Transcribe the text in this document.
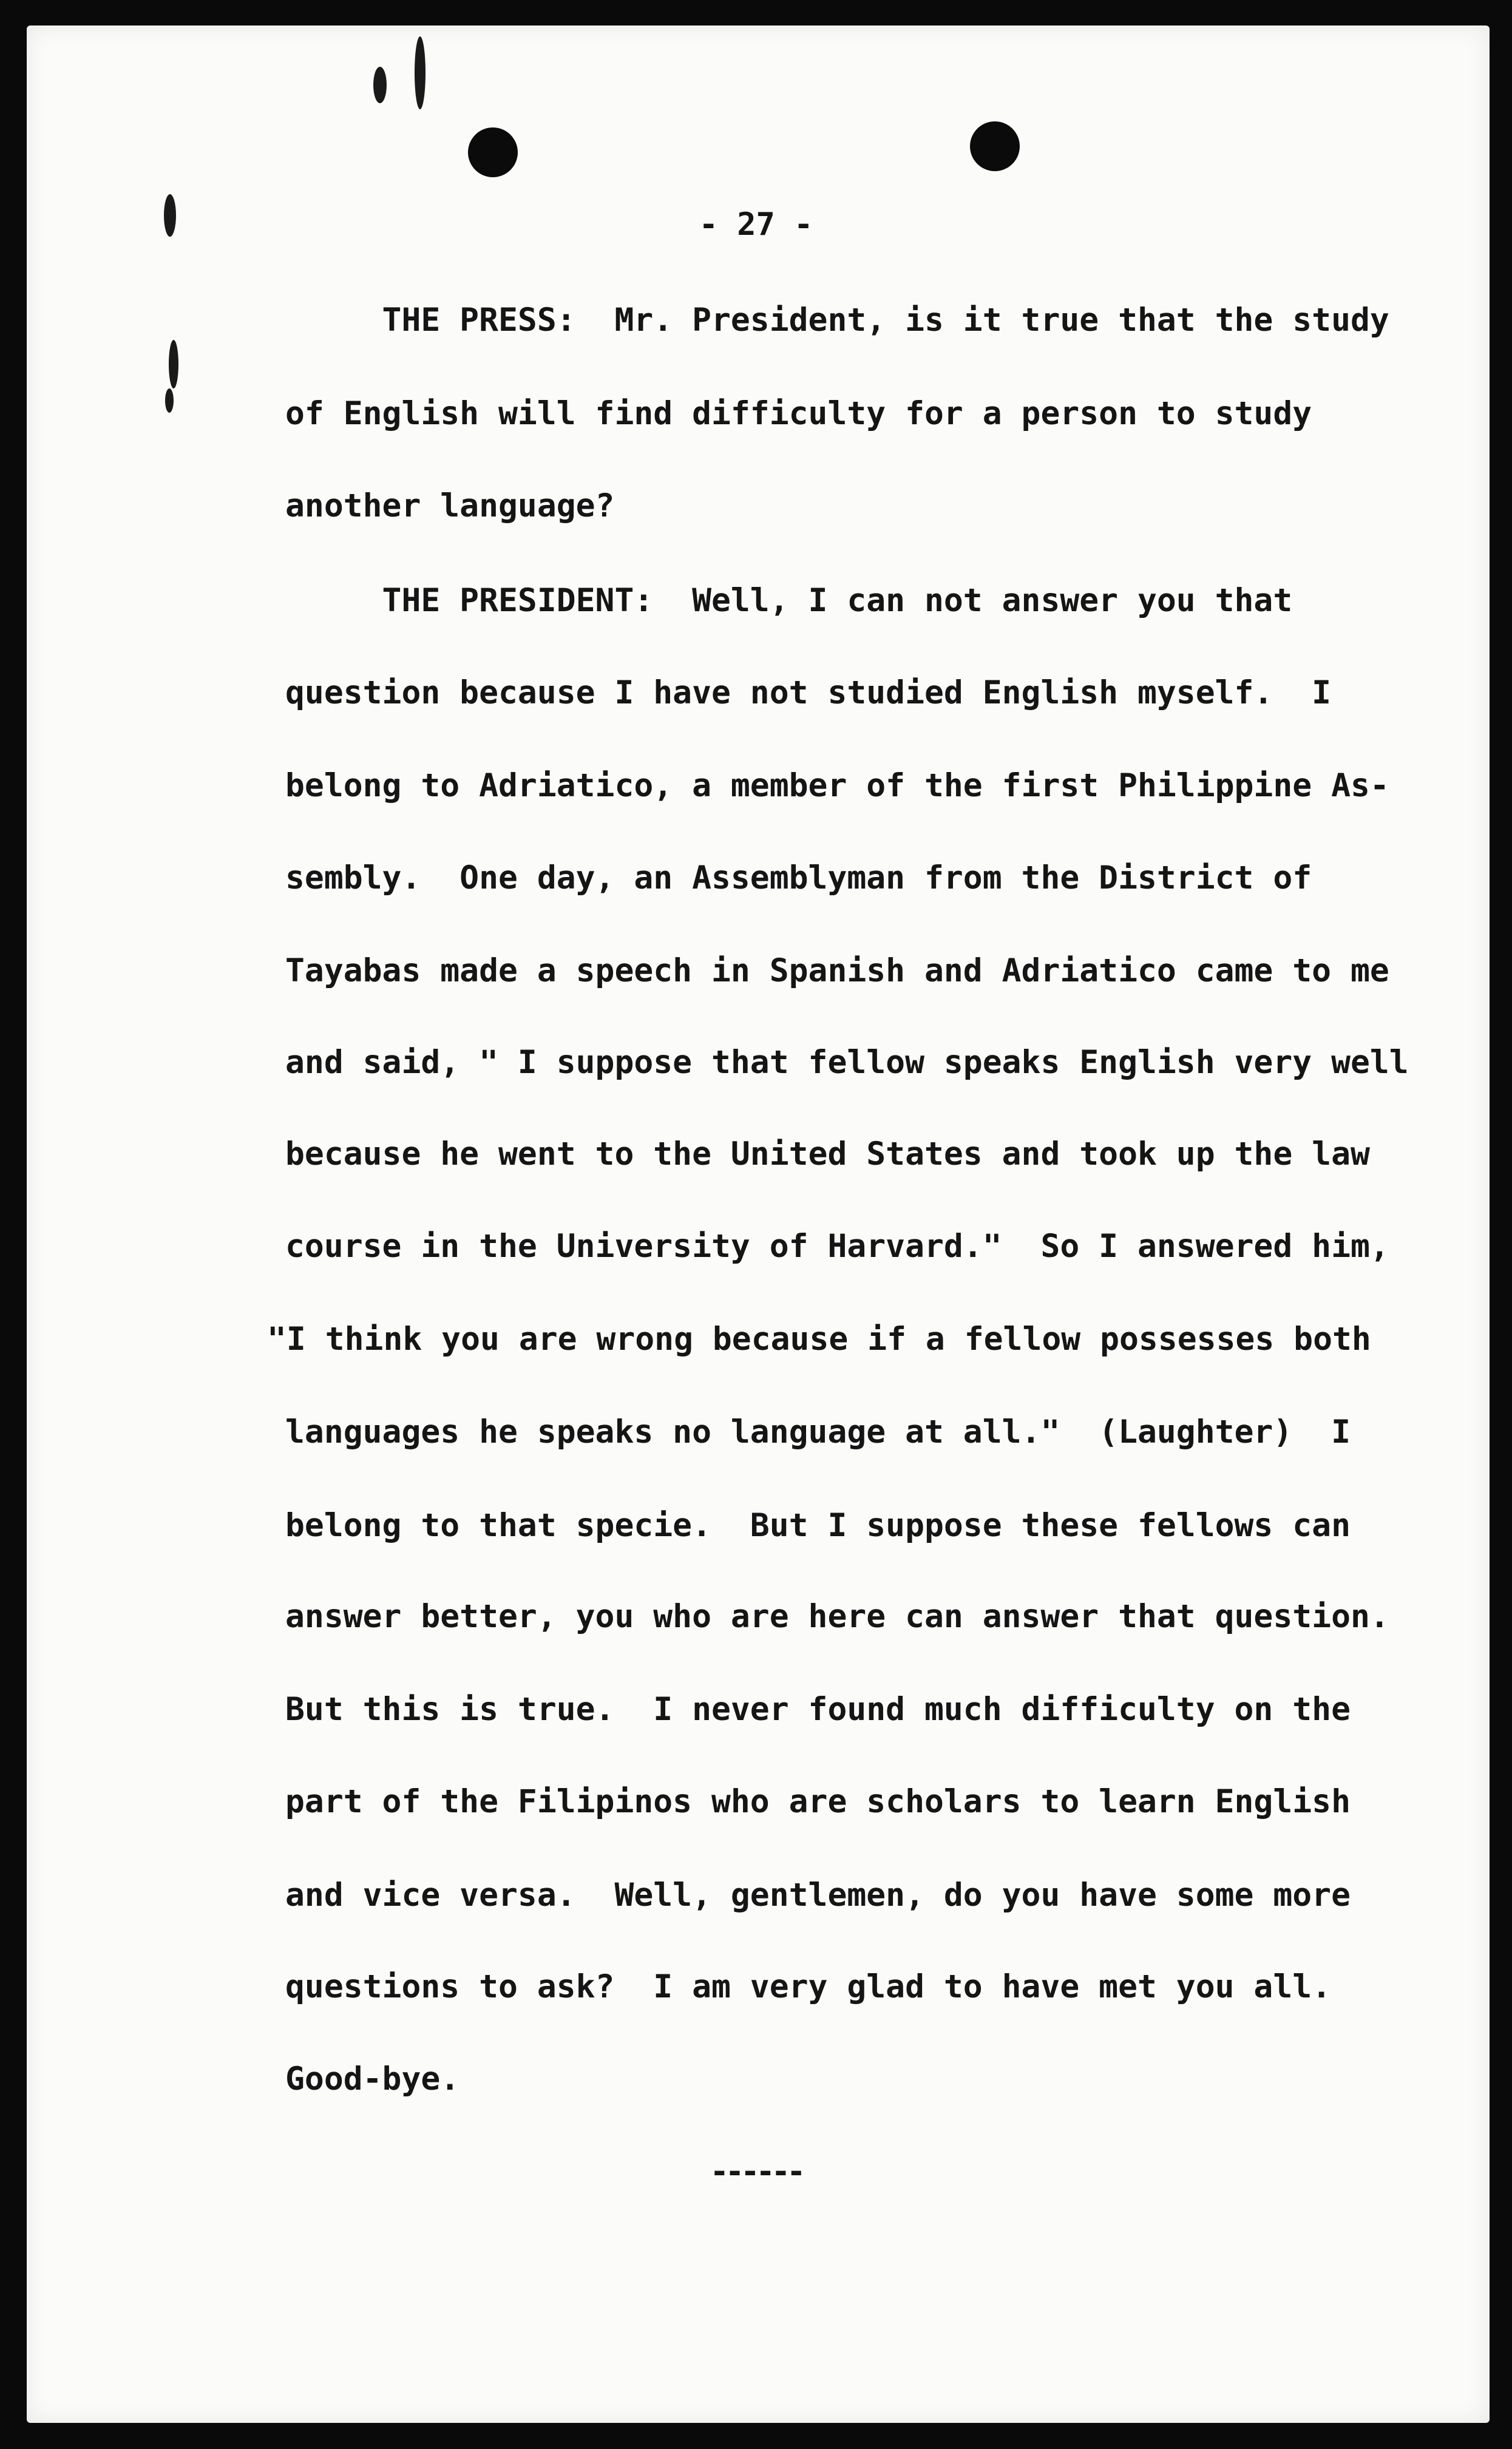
- 27 -
THE PRESS:  Mr. President, is it true that the study
of English will find difficulty for a person to study
another language?
THE PRESIDENT:  Well, I can not answer you that
question because I have not studied English myself.  I
belong to Adriatico, a member of the first Philippine As-
sembly.  One day, an Assemblyman from the District of
Tayabas made a speech in Spanish and Adriatico came to me
and said, " I suppose that fellow speaks English very well
because he went to the United States and took up the law
course in the University of Harvard."  So I answered him,
"I think you are wrong because if a fellow possesses both
languages he speaks no language at all."  (Laughter)  I
belong to that specie.  But I suppose these fellows can
answer better, you who are here can answer that question.
But this is true.  I never found much difficulty on the
part of the Filipinos who are scholars to learn English
and vice versa.  Well, gentlemen, do you have some more
questions to ask?  I am very glad to have met you all.
Good-bye.
------
